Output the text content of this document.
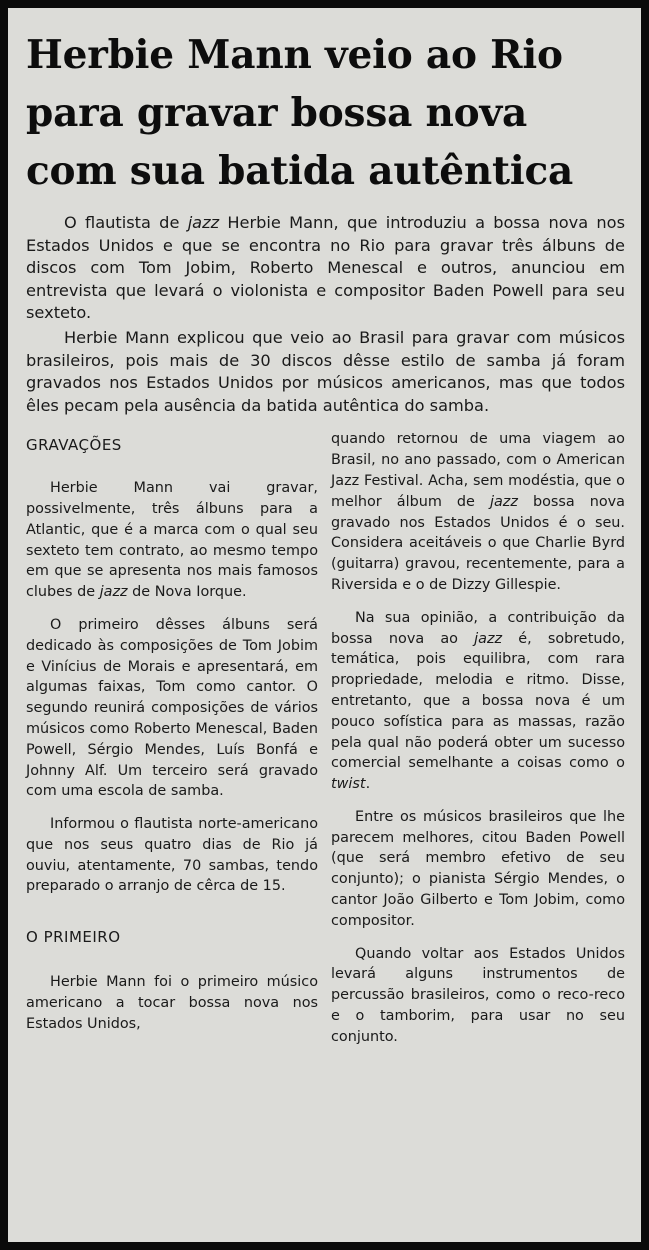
Herbie Mann veio ao Rio
para gravar bossa nova
com sua batida autêntica

O flautista de jazz Herbie Mann, que introduziu a bossa nova nos Estados Unidos e que se encontra no Rio para gravar três álbuns de discos com Tom Jobim, Roberto Menescal e outros, anunciou em entrevista que levará o violonista e compositor Baden Powell para seu sexteto.

Herbie Mann explicou que veio ao Brasil para gravar com músicos brasileiros, pois mais de 30 discos dêsse estilo de samba já foram gravados nos Estados Unidos por músicos americanos, mas que todos êles pecam pela ausência da batida autêntica do samba.

GRAVAÇÕES

Herbie Mann vai gravar, possivelmente, três álbuns para a Atlantic, que é a marca com o qual seu sexteto tem contrato, ao mesmo tempo em que se apresenta nos mais famosos clubes de jazz de Nova Iorque.

O primeiro dêsses álbuns será dedicado às composições de Tom Jobim e Vinícius de Morais e apresentará, em algumas faixas, Tom como cantor. O segundo reunirá composições de vários músicos como Roberto Menescal, Baden Powell, Sérgio Mendes, Luís Bonfá e Johnny Alf. Um terceiro será gravado com uma escola de samba.

Informou o flautista norte-americano que nos seus quatro dias de Rio já ouviu, atentamente, 70 sambas, tendo preparado o arranjo de cêrca de 15.

O PRIMEIRO

Herbie Mann foi o primeiro músico americano a tocar bossa nova nos Estados Unidos,

quando retornou de uma viagem ao Brasil, no ano passado, com o American Jazz Festival. Acha, sem modéstia, que o melhor álbum de jazz bossa nova gravado nos Estados Unidos é o seu. Considera aceitáveis o que Charlie Byrd (guitarra) gravou, recentemente, para a Riversida e o de Dizzy Gillespie.

Na sua opinião, a contribuição da bossa nova ao jazz é, sobretudo, temática, pois equilibra, com rara propriedade, melodia e ritmo. Disse, entretanto, que a bossa nova é um pouco sofística para as massas, razão pela qual não poderá obter um sucesso comercial semelhante a coisas como o twist.

Entre os músicos brasileiros que lhe parecem melhores, citou Baden Powell (que será membro efetivo de seu conjunto); o pianista Sérgio Mendes, o cantor João Gilberto e Tom Jobim, como compositor.

Quando voltar aos Estados Unidos levará alguns instrumentos de percussão brasileiros, como o reco-reco e o tamborim, para usar no seu conjunto.
